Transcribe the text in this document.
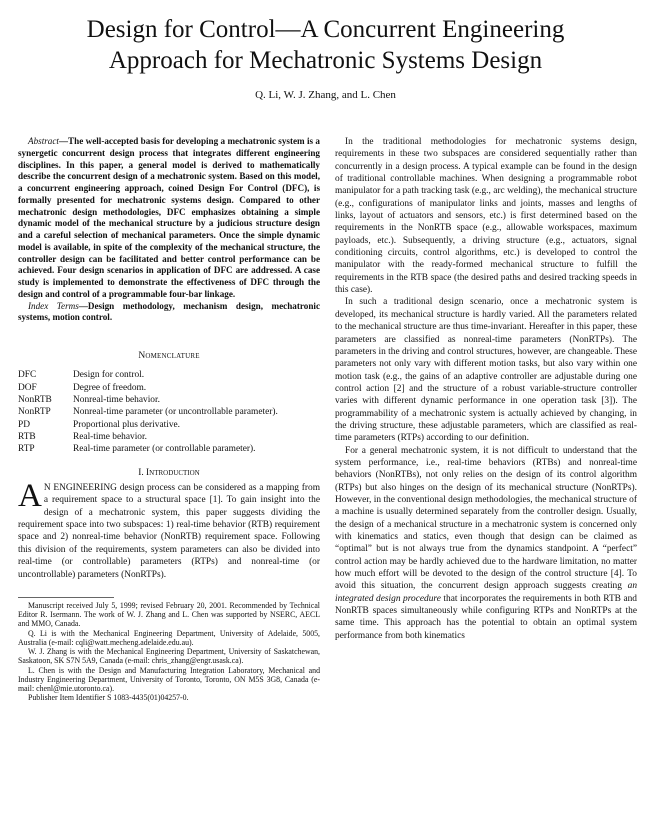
Design for Control—A Concurrent Engineering
Approach for Mechatronic Systems Design
Q. Li, W. J. Zhang, and L. Chen

Abstract—The well-accepted basis for developing a mechatronic system is a synergetic concurrent design process that integrates different engineering disciplines. In this paper, a general model is derived to mathematically describe the concurrent design of a mechatronic system. Based on this model, a concurrent engineering approach, coined Design For Control (DFC), is formally presented for mechatronic systems design. Compared to other mechatronic design methodologies, DFC emphasizes obtaining a simple dynamic model of the mechanical structure by a judicious structure design and a careful selection of mechanical parameters. Once the simple dynamic model is available, in spite of the complexity of the mechanical structure, the controller design can be facilitated and better control performance can be achieved. Four design scenarios in application of DFC are addressed. A case study is implemented to demonstrate the effectiveness of DFC through the design and control of a programmable four-bar linkage.

Index Terms—Design methodology, mechanism design, mechatronic systems, motion control.

Nomenclature
DFC	Design for control.
DOF	Degree of freedom.
NonRTB	Nonreal-time behavior.
NonRTP	Nonreal-time parameter (or uncontrollable parameter).
PD	Proportional plus derivative.
RTB	Real-time behavior.
RTP	Real-time parameter (or controllable parameter).
I. Introduction

A N ENGINEERING design process can be considered as a mapping from a requirement space to a structural space [1]. To gain insight into the design of a mechatronic system, this paper suggests dividing the requirement space into two subspaces: 1) real-time behavior (RTB) requirement space and 2) nonreal-time behavior (NonRTB) requirement space. Following this division of the requirements, system parameters can also be divided into real-time (or controllable) parameters (RTPs) and nonreal-time (or uncontrollable) parameters (NonRTPs).

Manuscript received July 5, 1999; revised February 20, 2001. Recommended by Technical Editor R. Isermann. The work of W. J. Zhang and L. Chen was supported by NSERC, AECL and MMO, Canada.

Q. Li is with the Mechanical Engineering Department, University of Adelaide, 5005, Australia (e-mail: cqli@watt.mecheng.adelaide.edu.au).

W. J. Zhang is with the Mechanical Engineering Department, University of Saskatchewan, Saskatoon, SK S7N 5A9, Canada (e-mail: chris_zhang@engr.usask.ca).

L. Chen is with the Design and Manufacturing Integration Laboratory, Mechanical and Industry Engineering Department, University of Toronto, Toronto, ON M5S 3G8, Canada (e-mail: chenl@mie.utoronto.ca).

Publisher Item Identifier S 1083-4435(01)04257-0.

In the traditional methodologies for mechatronic systems design, requirements in these two subspaces are considered sequentially rather than concurrently in a design process. A typical example can be found in the design of traditional controllable machines. When designing a programmable robot manipulator for a path tracking task (e.g., arc welding), the mechanical structure (e.g., configurations of manipulator links and joints, masses and lengths of links, layout of actuators and sensors, etc.) is first determined based on the requirements in the NonRTB space (e.g., allowable workspaces, maximum payloads, etc.). Subsequently, a driving structure (e.g., actuators, signal conditioning circuits, control algorithms, etc.) is developed to control the manipulator with the ready-formed mechanical structure to fulfill the requirements in the RTB space (the desired paths and desired tracking speeds in this case).

In such a traditional design scenario, once a mechatronic system is developed, its mechanical structure is hardly varied. All the parameters related to the mechanical structure are thus time-invariant. Hereafter in this paper, these parameters are classified as nonreal-time parameters (NonRTPs). The parameters in the driving and control structures, however, are changeable. These parameters not only vary with different motion tasks, but also vary within one motion task (e.g., the gains of an adaptive controller are adjustable during one control action [2] and the structure of a robust variable-structure controller varies with different dynamic performance in one operation task [3]). The programmability of a mechatronic system is actually achieved by changing, in the driving structure, these adjustable parameters, which are classified as real-time parameters (RTPs) according to our definition.

For a general mechatronic system, it is not difficult to understand that the system performance, i.e., real-time behaviors (RTBs) and nonreal-time behaviors (NonRTBs), not only relies on the design of its control algorithm (RTPs) but also hinges on the design of its mechanical structure (NonRTPs). However, in the conventional design methodologies, the mechanical structure of a machine is usually determined separately from the controller design. Usually, the design of a mechanical structure in a mechatronic system is concerned only with kinematics and statics, even though that design can be claimed as “optimal” but is not always true from the dynamics standpoint. A “perfect” control action may be hardly achieved due to the hardware limitation, no matter how much effort will be devoted to the design of the control structure [4]. To avoid this situation, the concurrent design approach suggests creating an integrated design procedure that incorporates the requirements in both RTB and NonRTB spaces simultaneously while configuring RTPs and NonRTPs at the same time. This approach has the potential to obtain an optimal system performance from both kinematics
